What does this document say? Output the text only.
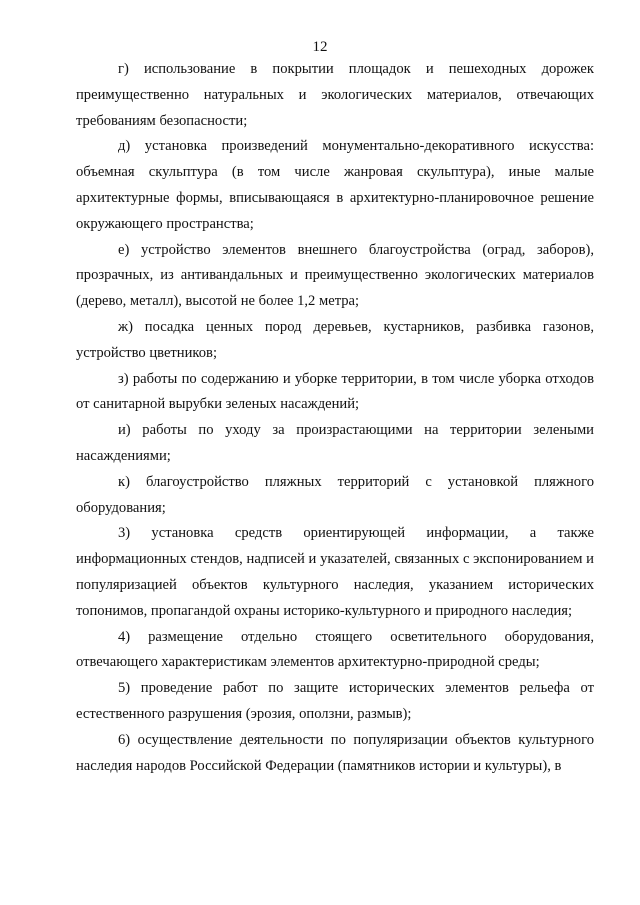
12

г) использование в покрытии площадок и пешеходных дорожек преимущественно натуральных и экологических материалов, отвечающих требованиям безопасности;

д) установка произведений монументально-декоративного искусства: объемная скульптура (в том числе жанровая скульптура), иные малые архитектурные формы, вписывающаяся в архитектурно-планировочное решение окружающего пространства;

е) устройство элементов внешнего благоустройства (оград, заборов), прозрачных, из антивандальных и преимущественно экологических материалов (дерево, металл), высотой не более 1,2 метра;

ж) посадка ценных пород деревьев, кустарников, разбивка газонов, устройство цветников;

з) работы по содержанию и уборке территории, в том числе уборка отходов от санитарной вырубки зеленых насаждений;

и) работы по уходу за произрастающими на территории зелеными насаждениями;

к) благоустройство пляжных территорий с установкой пляжного оборудования;

3) установка средств ориентирующей информации, а также информационных стендов, надписей и указателей, связанных с экспонированием и популяризацией объектов культурного наследия, указанием исторических топонимов, пропагандой охраны историко-культурного и природного наследия;

4) размещение отдельно стоящего осветительного оборудования, отвечающего характеристикам элементов архитектурно-природной среды;

5) проведение работ по защите исторических элементов рельефа от естественного разрушения (эрозия, оползни, размыв);

6) осуществление деятельности по популяризации объектов культурного наследия народов Российской Федерации (памятников истории и культуры), в
